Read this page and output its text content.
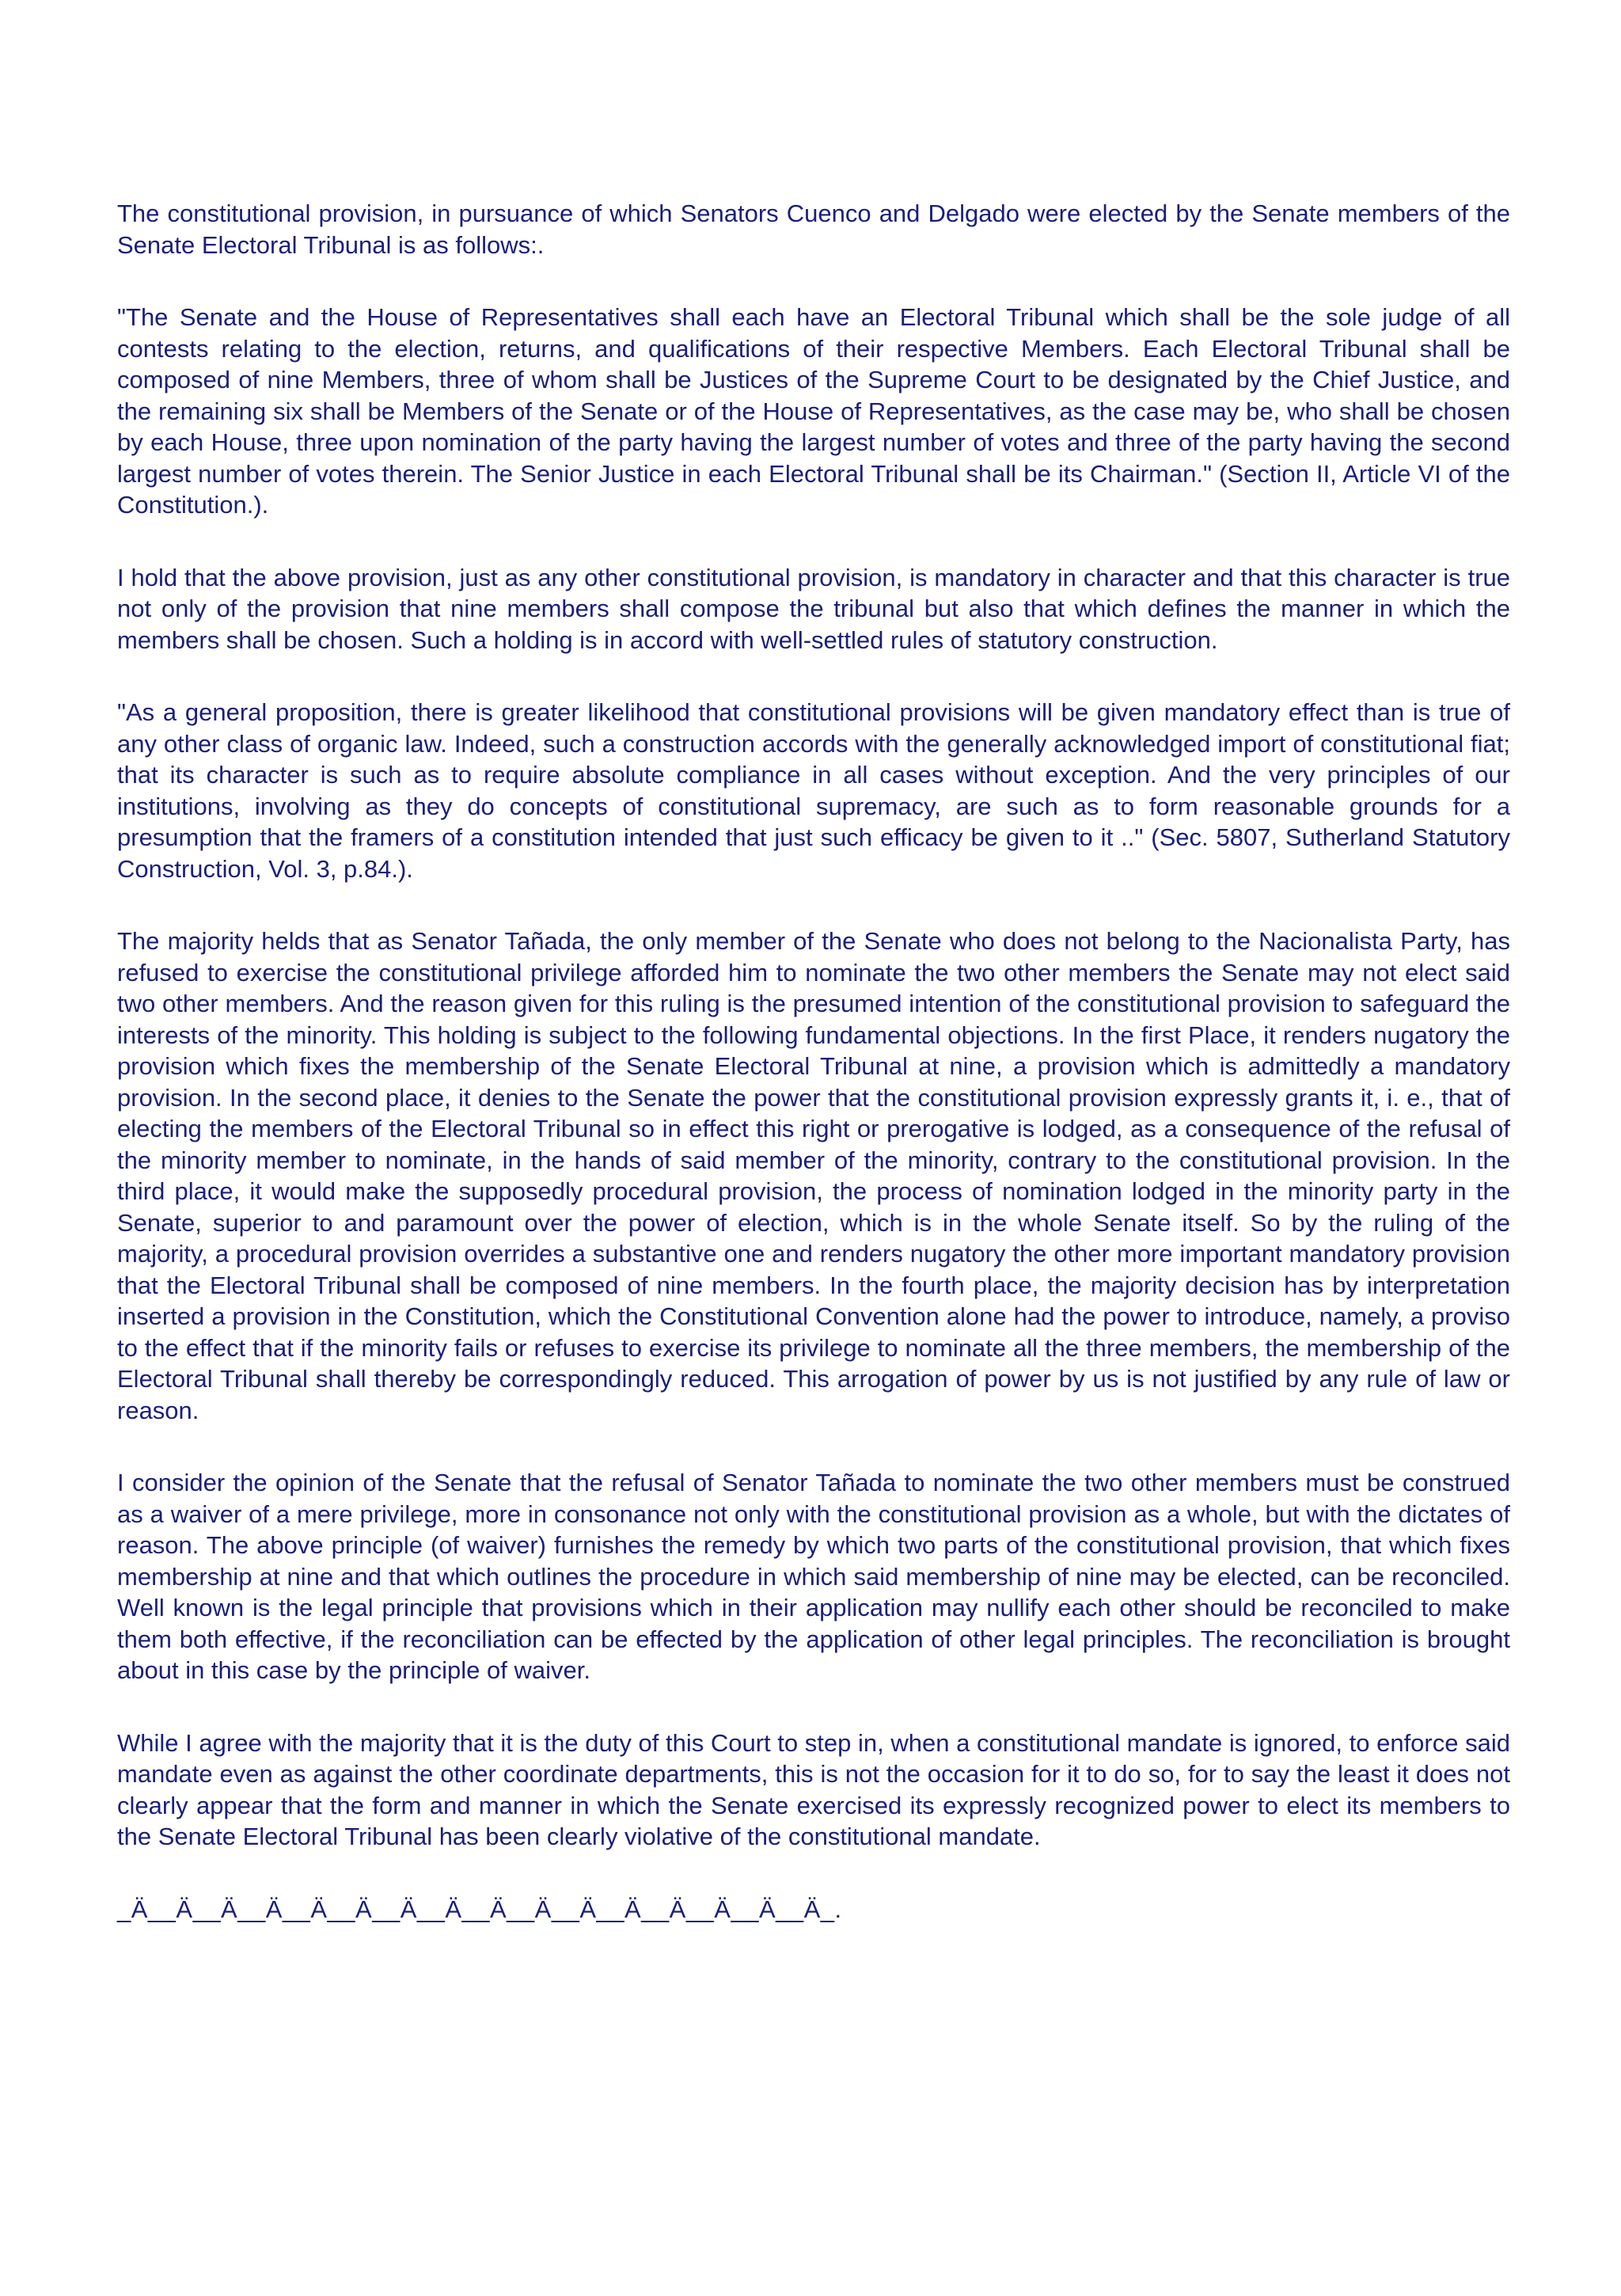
The constitutional provision, in pursuance of which Senators Cuenco and Delgado were elected by the Senate members of the Senate Electoral Tribunal is as follows:.

"The Senate and the House of Representatives shall each have an Electoral Tribunal which shall be the sole judge of all contests relating to the election, returns, and qualifications of their respective Members. Each Electoral Tribunal shall be composed of nine Members, three of whom shall be Justices of the Supreme Court to be designated by the Chief Justice, and the remaining six shall be Members of the Senate or of the House of Representatives, as the case may be, who shall be chosen by each House, three upon nomination of the party having the largest number of votes and three of the party having the second largest number of votes therein. The Senior Justice in each Electoral Tribunal shall be its Chairman." (Section II, Article VI of the Constitution.).

I hold that the above provision, just as any other constitutional provision, is mandatory in character and that this character is true not only of the provision that nine members shall compose the tribunal but also that which defines the manner in which the members shall be chosen. Such a holding is in accord with well-settled rules of statutory construction.

"As a general proposition, there is greater likelihood that constitutional provisions will be given mandatory effect than is true of any other class of organic law. Indeed, such a construction accords with the generally acknowledged import of constitutional fiat; that its character is such as to require absolute compliance in all cases without exception. And the very principles of our institutions, involving as they do concepts of constitutional supremacy, are such as to form reasonable grounds for a presumption that the framers of a constitution intended that just such efficacy be given to it .." (Sec. 5807, Sutherland Statutory Construction, Vol. 3, p.84.).

The majority helds that as Senator Tañada, the only member of the Senate who does not belong to the Nacionalista Party, has refused to exercise the constitutional privilege afforded him to nominate the two other members the Senate may not elect said two other members. And the reason given for this ruling is the presumed intention of the constitutional provision to safeguard the interests of the minority. This holding is subject to the following fundamental objections. In the first Place, it renders nugatory the provision which fixes the membership of the Senate Electoral Tribunal at nine, a provision which is admittedly a mandatory provision. In the second place, it denies to the Senate the power that the constitutional provision expressly grants it, i. e., that of electing the members of the Electoral Tribunal so in effect this right or prerogative is lodged, as a consequence of the refusal of the minority member to nominate, in the hands of said member of the minority, contrary to the constitutional provision. In the third place, it would make the supposedly procedural provision, the process of nomination lodged in the minority party in the Senate, superior to and paramount over the power of election, which is in the whole Senate itself. So by the ruling of the majority, a procedural provision overrides a substantive one and renders nugatory the other more important mandatory provision that the Electoral Tribunal shall be composed of nine members. In the fourth place, the majority decision has by interpretation inserted a provision in the Constitution, which the Constitutional Convention alone had the power to introduce, namely, a proviso to the effect that if the minority fails or refuses to exercise its privilege to nominate all the three members, the membership of the Electoral Tribunal shall thereby be correspondingly reduced. This arrogation of power by us is not justified by any rule of law or reason.

I consider the opinion of the Senate that the refusal of Senator Tañada to nominate the two other members must be construed as a waiver of a mere privilege, more in consonance not only with the constitutional provision as a whole, but with the dictates of reason. The above principle (of waiver) furnishes the remedy by which two parts of the constitutional provision, that which fixes membership at nine and that which outlines the procedure in which said membership of nine may be elected, can be reconciled. Well known is the legal principle that provisions which in their application may nullify each other should be reconciled to make them both effective, if the reconciliation can be effected by the application of other legal principles. The reconciliation is brought about in this case by the principle of waiver.

While I agree with the majority that it is the duty of this Court to step in, when a constitutional mandate is ignored, to enforce said mandate even as against the other coordinate departments, this is not the occasion for it to do so, for to say the least it does not clearly appear that the form and manner in which the Senate exercised its expressly recognized power to elect its members to the Senate Electoral Tribunal has been clearly violative of the constitutional mandate.

_Ä__Ä__Ä__Ä__Ä__Ä__Ä__Ä__Ä__Ä__Ä__Ä__Ä__Ä__Ä__Ä_.
